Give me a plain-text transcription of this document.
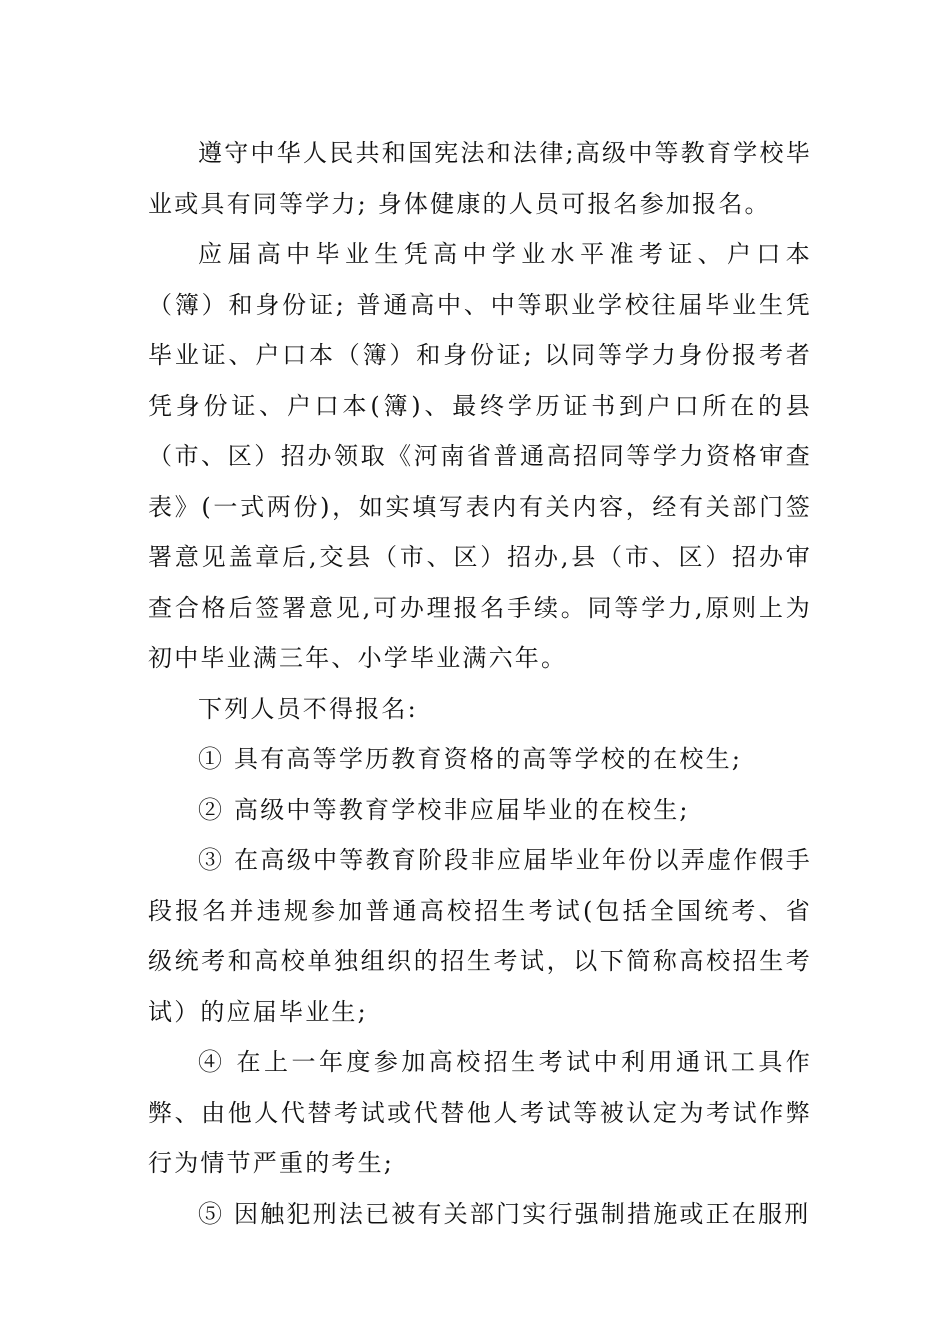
遵守中华人民共和国宪法和法律;高级中等教育学校毕业或具有同等学力; 身体健康的人员可报名参加报名。

应届高中毕业生凭高中学业水平准考证、户口本（簿）和身份证; 普通高中、中等职业学校往届毕业生凭毕业证、户口本（簿）和身份证; 以同等学力身份报考者凭身份证、户口本(簿)、最终学历证书到户口所在的县（市、区）招办领取《河南省普通高招同等学力资格审查表》(一式两份)，如实填写表内有关内容，经有关部门签署意见盖章后,交县（市、区）招办,县（市、区）招办审查合格后签署意见,可办理报名手续。同等学力,原则上为初中毕业满三年、小学毕业满六年。

下列人员不得报名:

① 具有高等学历教育资格的高等学校的在校生;

② 高级中等教育学校非应届毕业的在校生;

③ 在高级中等教育阶段非应届毕业年份以弄虚作假手段报名并违规参加普通高校招生考试(包括全国统考、省级统考和高校单独组织的招生考试，以下简称高校招生考试）的应届毕业生;

④ 在上一年度参加高校招生考试中利用通讯工具作弊、由他人代替考试或代替他人考试等被认定为考试作弊行为情节严重的考生;

⑤ 因触犯刑法已被有关部门实行强制措施或正在服刑
